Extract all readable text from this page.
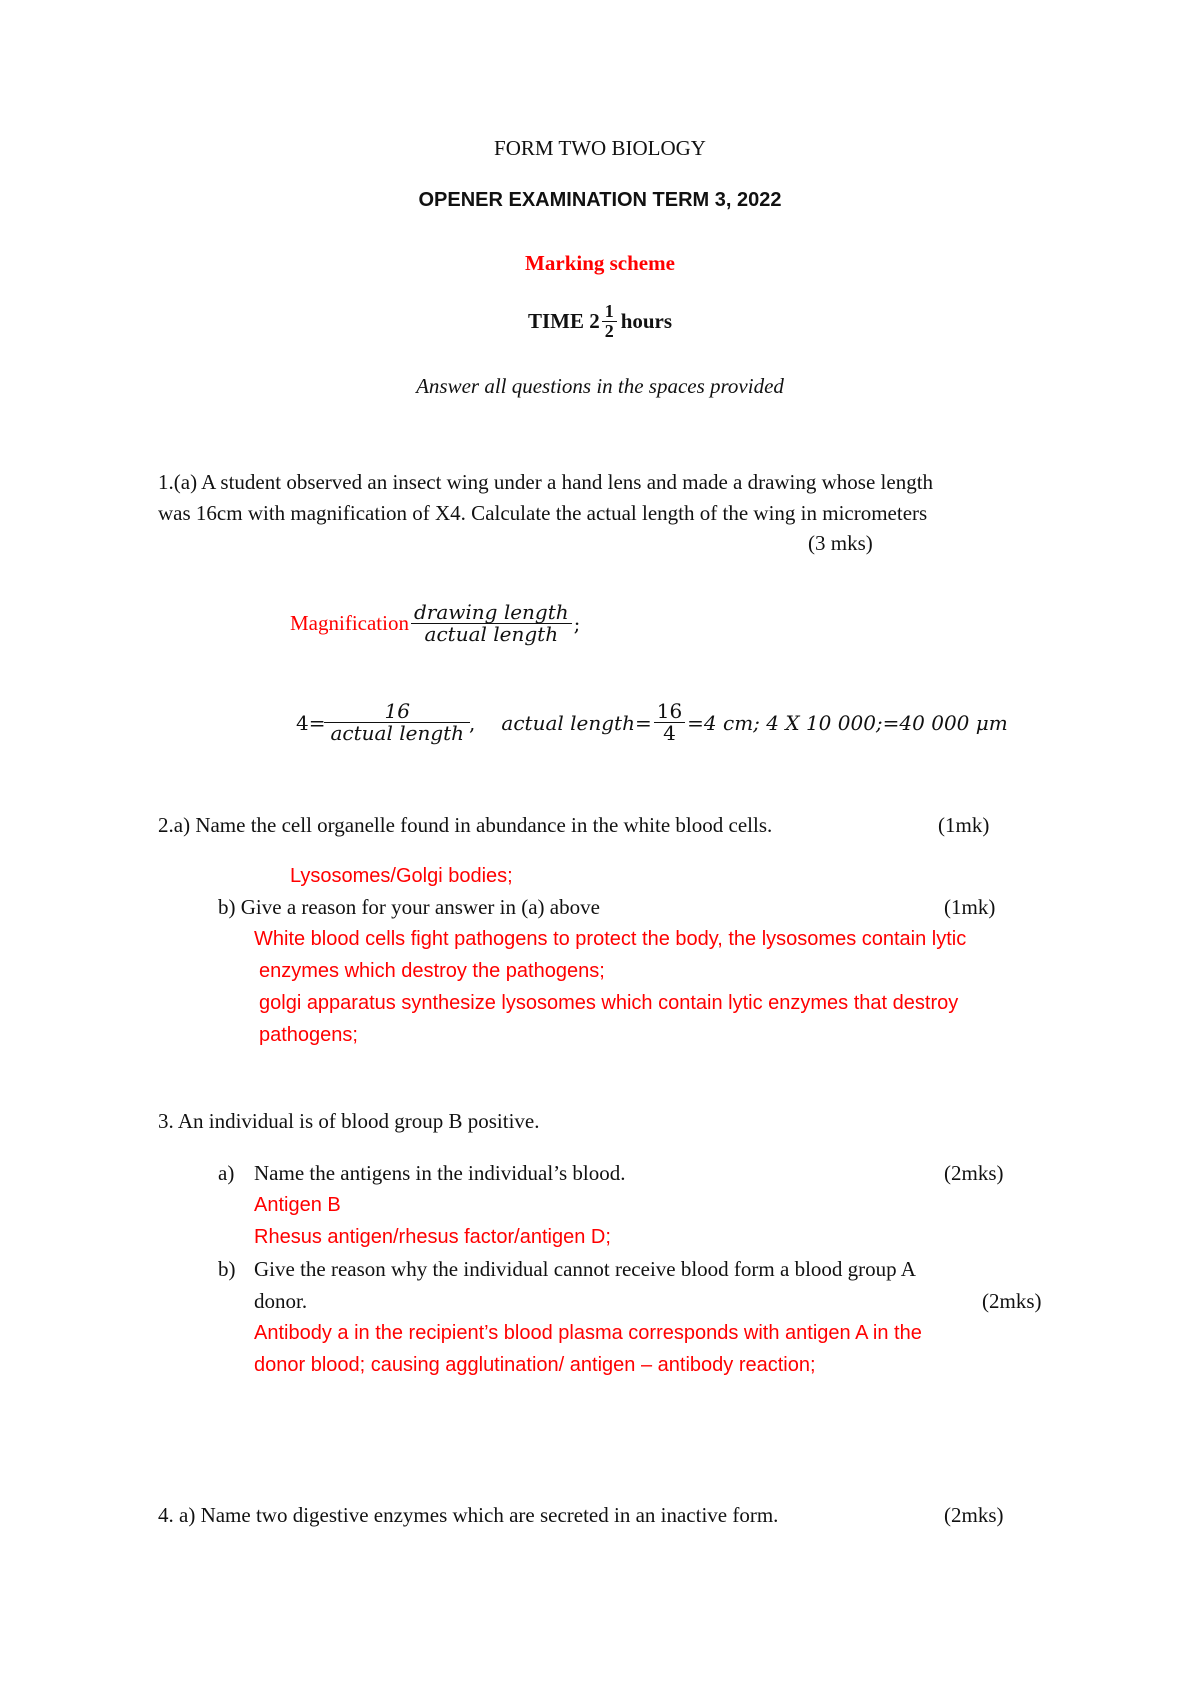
FORM TWO BIOLOGY
OPENER EXAMINATION TERM 3, 2022
Marking scheme
TIME $2 \frac{1}{2}$ hours
Answer all questions in the spaces provided
1.(a) A student observed an insect wing under a hand lens and made a drawing whose length
was 16cm with magnification of X4. Calculate the actual length of the wing in micrometers
(3 mks)
Magnification $\frac{\text{drawing length}}{\text{actual length}}$ ;
$4= \frac{16}{\text{actual length}}$ , actual length= $\frac{16}{4} =4$ cm; 4 X 10 000;=40 000 μm
2.a) Name the cell organelle found in abundance in the white blood cells.	(1mk)
Lysosomes/Golgi bodies;
b) Give a reason for your answer in (a) above	(1mk)
White blood cells fight pathogens to protect the body, the lysosomes contain lytic
enzymes which destroy the pathogens;
golgi apparatus synthesize lysosomes which contain lytic enzymes that destroy
pathogens;
3. An individual is of blood group B positive.
a) Name the antigens in the individual’s blood.	(2mks)
Antigen B
Rhesus antigen/rhesus factor/antigen D;
b) Give the reason why the individual cannot receive blood form a blood group A
donor.	(2mks)
Antibody a in the recipient’s blood plasma corresponds with antigen A in the
donor blood; causing agglutination/ antigen – antibody reaction;
4. a) Name two digestive enzymes which are secreted in an inactive form.	(2mks)
